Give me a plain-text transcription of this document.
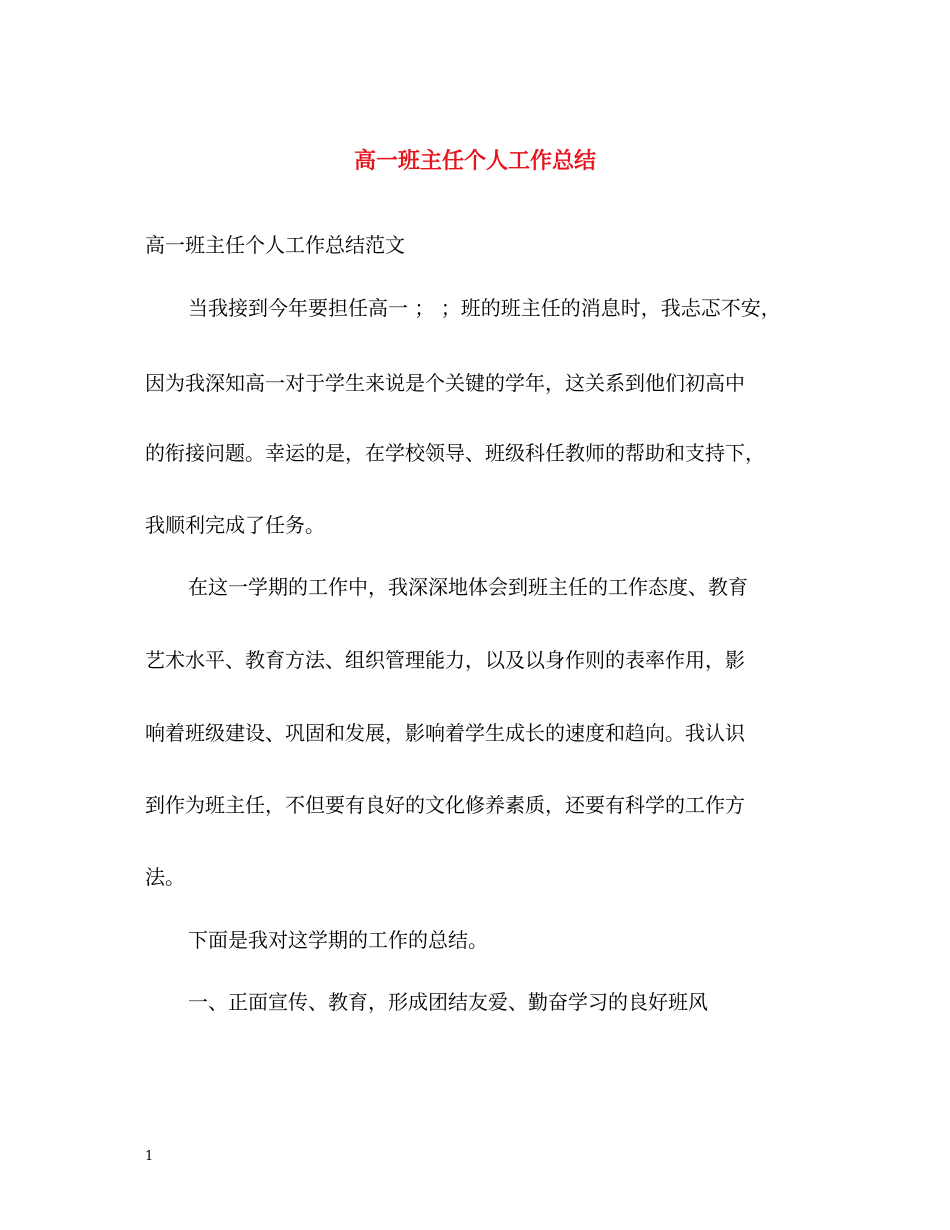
高一班主任个人工作总结
高一班主任个人工作总结范文
当我接到今年要担任高一 ； ；班的班主任的消息时，我忐忑不安，
因为我深知高一对于学生来说是个关键的学年，这关系到他们初高中
的衔接问题。幸运的是，在学校领导、班级科任教师的帮助和支持下，
我顺利完成了任务。
在这一学期的工作中，我深深地体会到班主任的工作态度、教育
艺术水平、教育方法、组织管理能力，以及以身作则的表率作用，影
响着班级建设、巩固和发展，影响着学生成长的速度和趋向。我认识
到作为班主任，不但要有良好的文化修养素质，还要有科学的工作方
法。
下面是我对这学期的工作的总结。
一、正面宣传、教育，形成团结友爱、勤奋学习的良好班风
1
